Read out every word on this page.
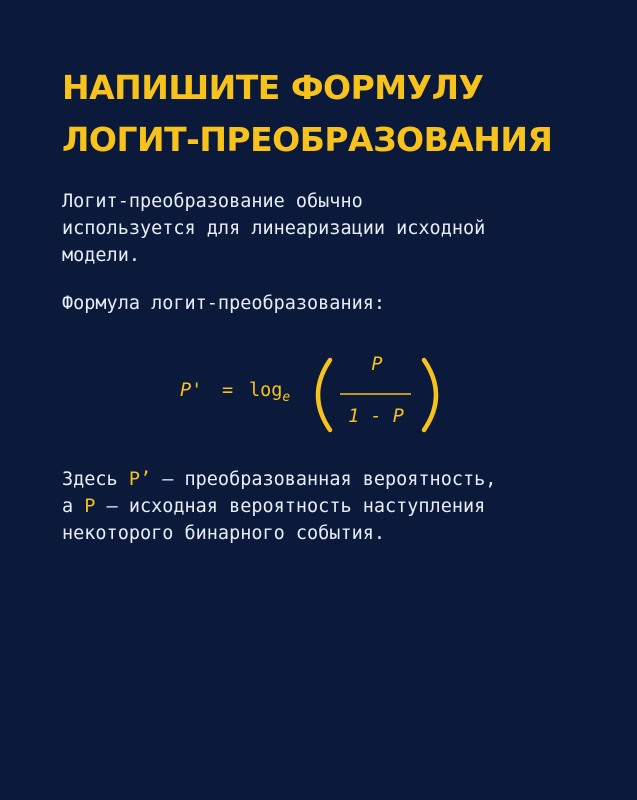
НАПИШИТЕ ФОРМУЛУ
ЛОГИТ-ПРЕОБРАЗОВАНИЯ

Логит-преобразование обычно
используется для линеаризации исходной
модели.

Формула логит-преобразования:

$P' = \log_e$
P
1 - P

Здесь P’ — преобразованная вероятность,
а P — исходная вероятность наступления
некоторого бинарного события.
